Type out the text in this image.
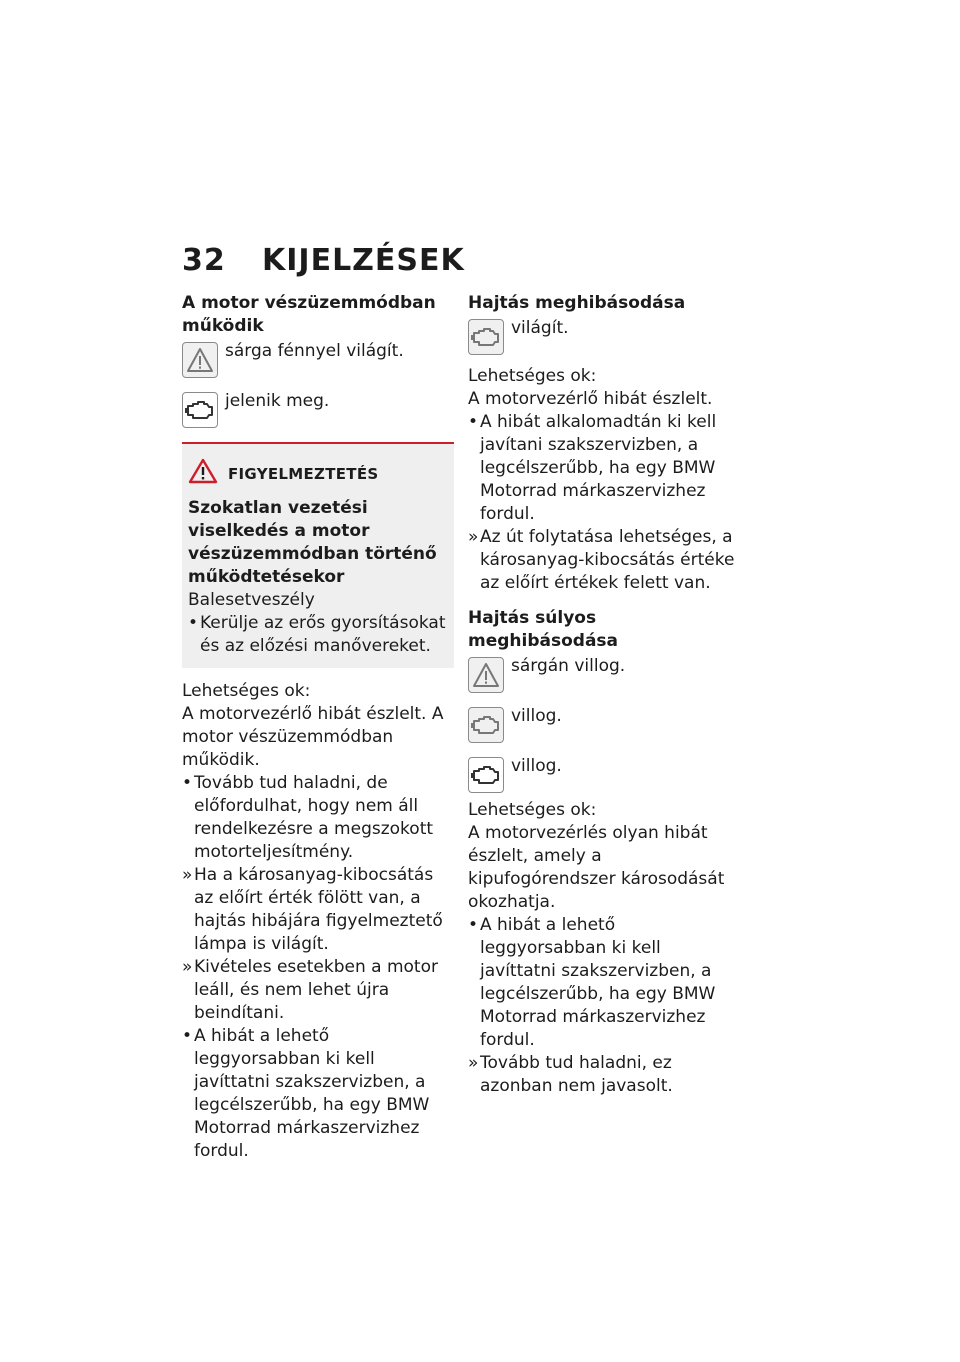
32 KIJELZÉSEK
A motor vészüzemmódban működik
sárga fénnyel világít.
jelenik meg.
FIGYELMEZTETÉS
Szokatlan vezetési viselkedés a motor vészüzemmódban történő működtetésekor

Balesetveszély

• Kerülje az erős gyorsításokat és az előzési manővereket.

Lehetséges ok:

A motorvezérlő hibát észlelt. A motor vészüzemmódban működik.

• Tovább tud haladni, de előfordulhat, hogy nem áll rendelkezésre a megszokott motorteljesítmény.
» Ha a károsanyag-kibocsátás az előírt érték fölött van, a hajtás hibájára figyelmeztető lámpa is világít.
» Kivételes esetekben a motor leáll, és nem lehet újra beindítani.
• A hibát a lehető leggyorsabban ki kell javíttatni szakszervizben, a legcélszerűbb, ha egy BMW Motorrad márkaszervizhez fordul.
Hajtás meghibásodása
világít.

Lehetséges ok:

A motorvezérlő hibát észlelt.

• A hibát alkalomadtán ki kell javítani szakszervizben, a legcélszerűbb, ha egy BMW Motorrad márkaszervizhez fordul.
» Az út folytatása lehetséges, a károsanyag-kibocsátás értéke az előírt értékek felett van.
Hajtás súlyos meghibásodása
sárgán villog.
villog.
villog.

Lehetséges ok:

A motorvezérlés olyan hibát észlelt, amely a kipufogórendszer károsodását okozhatja.

• A hibát a lehető leggyorsabban ki kell javíttatni szakszervizben, a legcélszerűbb, ha egy BMW Motorrad márkaszervizhez fordul.
» Tovább tud haladni, ez azonban nem javasolt.
